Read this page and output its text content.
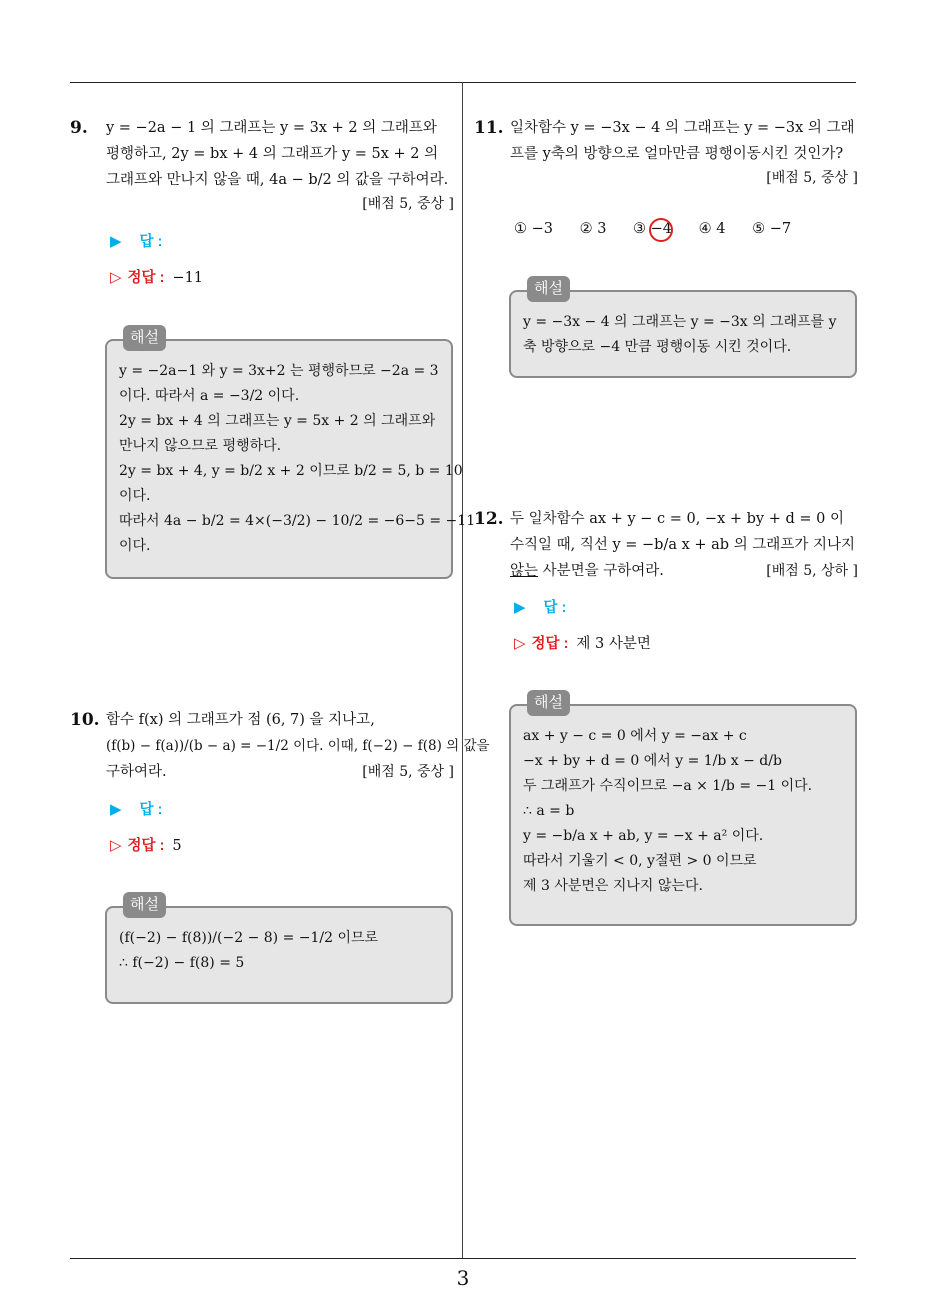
3
9. y = −2a − 1 의 그래프는 y = 3x + 2 의 그래프와
평행하고, 2y = bx + 4 의 그래프가 y = 5x + 2 의
그래프와 만나지 않을 때, 4a − b/2 의 값을 구하여라.
[배점 5, 중상 ]
▶ 답 :
▷ 정답 : −11
해설
y = −2a−1 와 y = 3x+2 는 평행하므로 −2a = 3
이다. 따라서 a = −3/2 이다.
2y = bx + 4 의 그래프는 y = 5x + 2 의 그래프와
만나지 않으므로 평행하다.
2y = bx + 4, y = b/2 x + 2 이므로 b/2 = 5, b = 10
이다.
따라서 4a − b/2 = 4×(−3/2) − 10/2 = −6−5 = −11
이다.
10. 함수 f(x) 의 그래프가 점 (6, 7) 을 지나고,
(f(b) − f(a))/(b − a) = −1/2 이다. 이때, f(−2) − f(8) 의 값을
구하여라.	[배점 5, 중상 ]
▶ 답 :
▷ 정답 : 5
해설
(f(−2) − f(8))/(−2 − 8) = −1/2 이므로
∴ f(−2) − f(8) = 5
11. 일차함수 y = −3x − 4 의 그래프는 y = −3x 의 그래
프를 y축의 방향으로 얼마만큼 평행이동시킨 것인가?
[배점 5, 중상 ]
① −3 ② 3 ③ −4 ④ 4 ⑤ −7
해설
y = −3x − 4 의 그래프는 y = −3x 의 그래프를 y
축 방향으로 −4 만큼 평행이동 시킨 것이다.
12. 두 일차함수 ax + y − c = 0, −x + by + d = 0 이
수직일 때, 직선 y = −b/a x + ab 의 그래프가 지나지
않는 사분면을 구하여라.	[배점 5, 상하 ]
▶ 답 :
▷ 정답 : 제 3 사분면
해설
ax + y − c = 0 에서 y = −ax + c
−x + by + d = 0 에서 y = 1/b x − d/b
두 그래프가 수직이므로 −a × 1/b = −1 이다.
∴ a = b
y = −b/a x + ab, y = −x + a² 이다.
따라서 기울기 < 0, y절편 > 0 이므로
제 3 사분면은 지나지 않는다.
